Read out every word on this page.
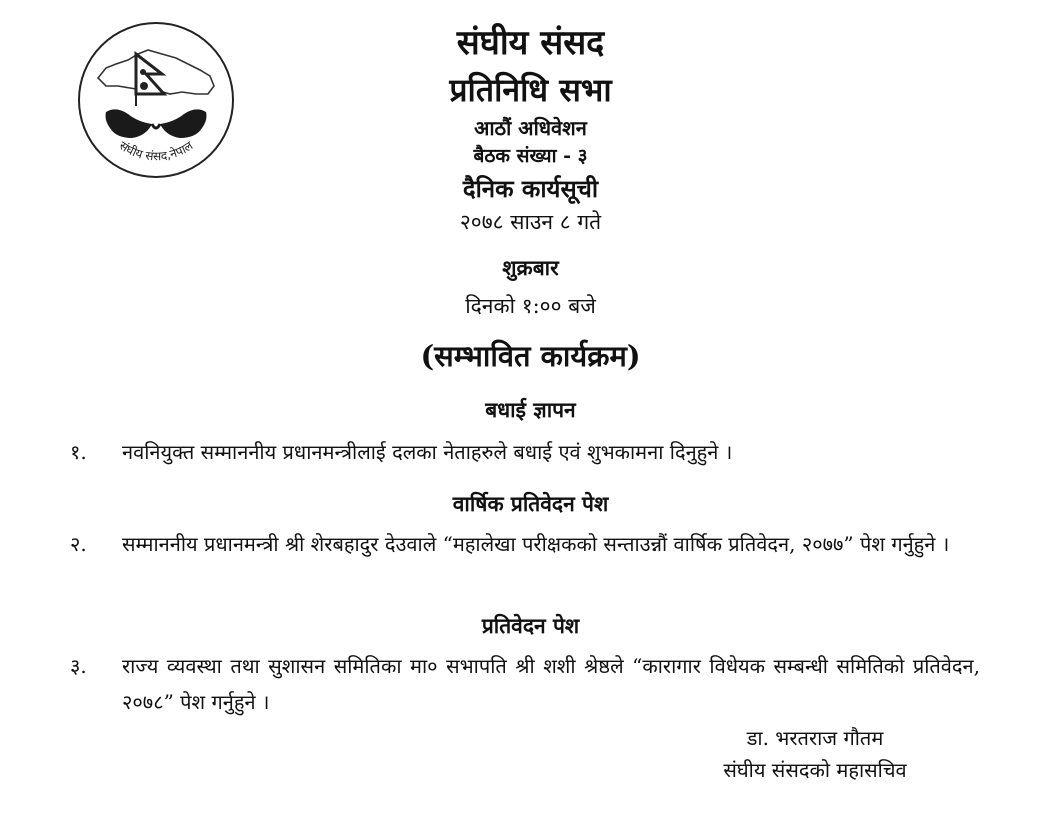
संघीय संसद,नेपाल
संघीय संसद
प्रतिनिधि सभा
आठौं अधिवेशन
बैठक संख्या - ३
दैनिक कार्यसूची
२०७८ साउन ८ गते
शुक्रबार
दिनको १:०० बजे
(सम्भावित कार्यक्रम)
बधाई ज्ञापन
१. नवनियुक्त सम्माननीय प्रधानमन्त्रीलाई दलका नेताहरुले बधाई एवं शुभकामना दिनुहुने ।
वार्षिक प्रतिवेदन पेश
२. सम्माननीय प्रधानमन्त्री श्री शेरबहादुर देउवाले “महालेखा परीक्षकको सन्ताउन्नौं वार्षिक प्रतिवेदन, २०७७” पेश गर्नुहुने ।
प्रतिवेदन पेश
३. राज्य व्यवस्था तथा सुशासन समितिका मा० सभापति श्री शशी श्रेष्ठले “कारागार विधेयक सम्बन्धी समितिको प्रतिवेदन, २०७८” पेश गर्नुहुने ।
डा. भरतराज गौतम
संघीय संसदको महासचिव
